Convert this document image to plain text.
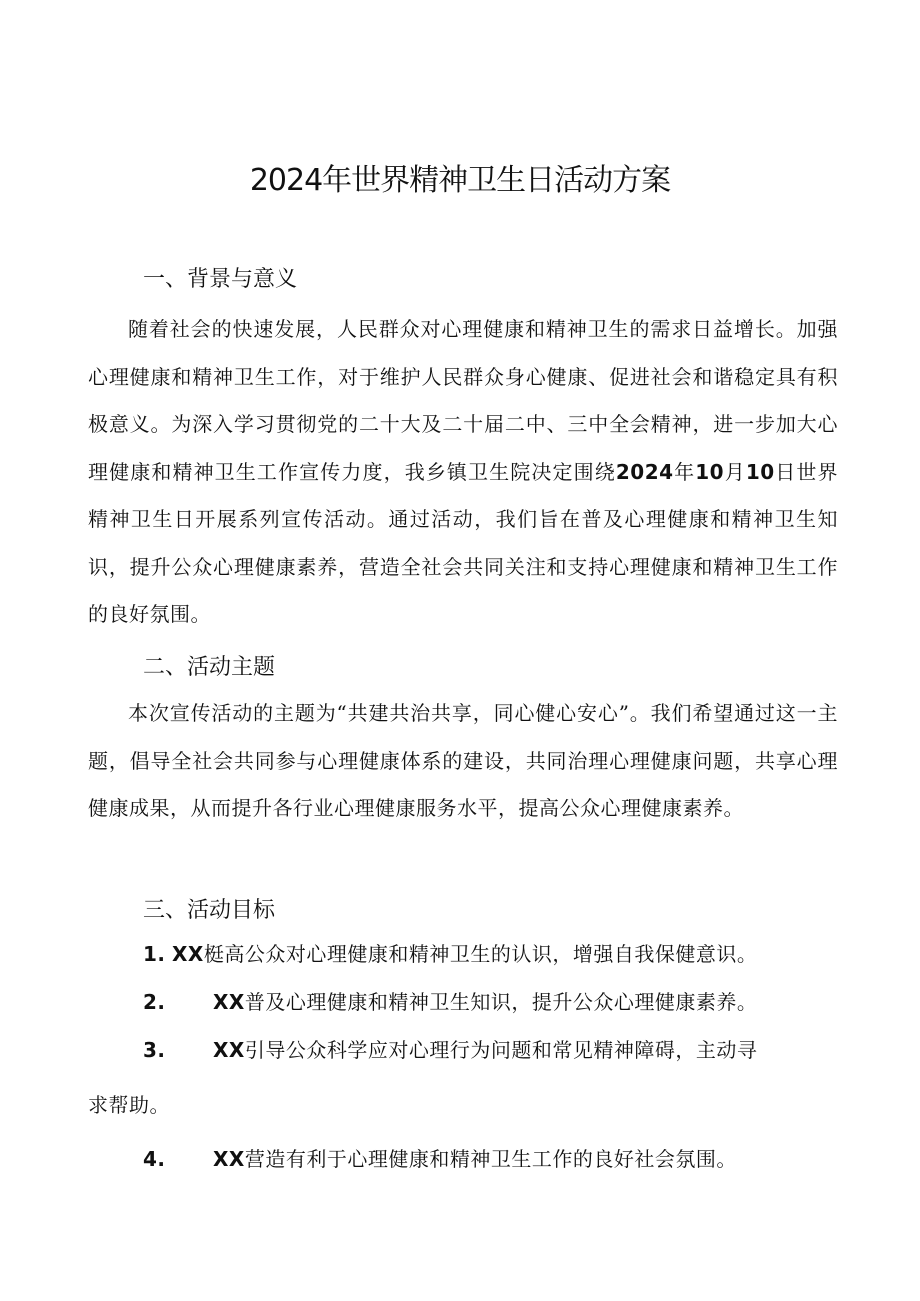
2024年世界精神卫生日活动方案
一、背景与意义

随着社会的快速发展，人民群众对心理健康和精神卫生的需求日益增长。加强心理健康和精神卫生工作，对于维护人民群众身心健康、促进社会和谐稳定具有积极意义。为深入学习贯彻党的二十大及二十届二中、三中全会精神，进一步加大心理健康和精神卫生工作宣传力度，我乡镇卫生院决定围绕2024年10月10日世界精神卫生日开展系列宣传活动。通过活动，我们旨在普及心理健康和精神卫生知识，提升公众心理健康素养，营造全社会共同关注和支持心理健康和精神卫生工作的良好氛围。

二、活动主题

本次宣传活动的主题为“共建共治共享，同心健心安心”。我们希望通过这一主题，倡导全社会共同参与心理健康体系的建设，共同治理心理健康问题，共享心理健康成果，从而提升各行业心理健康服务水平，提高公众心理健康素养。

三、活动目标
1. XX梃高公众对心理健康和精神卫生的认识，增强自我保健意识。
2. XX普及心理健康和精神卫生知识，提升公众心理健康素养。
3. XX引导公众科学应对心理行为问题和常见精神障碍，主动寻
求帮助。
4. XX营造有利于心理健康和精神卫生工作的良好社会氛围。
